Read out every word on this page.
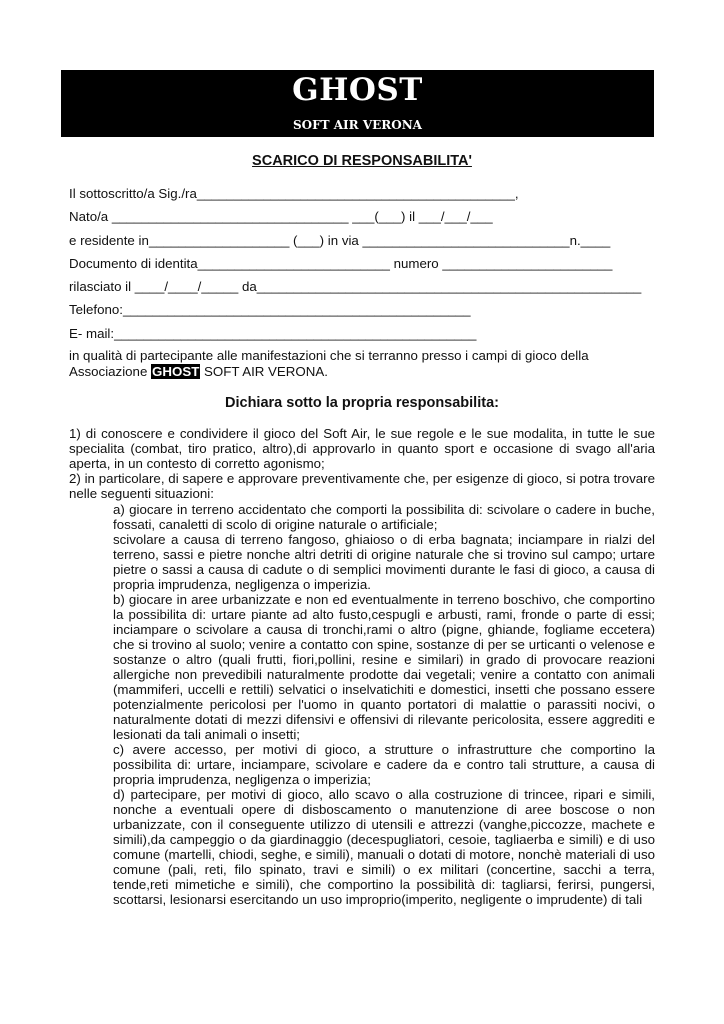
GHOST
SOFT AIR VERONA
SCARICO DI RESPONSABILITA'
Il sottoscritto/a Sig./ra___________________________________________,
Nato/a ________________________________ ___(___) il ___/___/___
e residente in___________________ (___) in via ____________________________n.____
Documento di identita__________________________ numero _______________________
rilasciato il ____/____/_____ da____________________________________________________
Telefono:_______________________________________________
E- mail:_________________________________________________
in qualità di partecipante alle manifestazioni che si terranno presso i campi di gioco della
Associazione GHOST SOFT AIR VERONA.
Dichiara sotto la propria responsabilita:

1) di conoscere e condividere il gioco del Soft Air, le sue regole e le sue modalita, in tutte le sue specialita (combat, tiro pratico, altro),di approvarlo in quanto sport e occasione di svago all'aria aperta, in un contesto di corretto agonismo;

2) in particolare, di sapere e approvare preventivamente che, per esigenze di gioco, si potra trovare nelle seguenti situazioni:

a) giocare in terreno accidentato che comporti la possibilita di: scivolare o cadere in buche, fossati, canaletti di scolo di origine naturale o artificiale;

scivolare a causa di terreno fangoso, ghiaioso o di erba bagnata; inciampare in rialzi del terreno, sassi e pietre nonche altri detriti di origine naturale che si trovino sul campo; urtare pietre o sassi a causa di cadute o di semplici movimenti durante le fasi di gioco, a causa di propria imprudenza, negligenza o imperizia.

b) giocare in aree urbanizzate e non ed eventualmente in terreno boschivo, che comportino la possibilita di: urtare piante ad alto fusto,cespugli e arbusti, rami, fronde o parte di essi; inciampare o scivolare a causa di tronchi,rami o altro (pigne, ghiande, fogliame eccetera) che si trovino al suolo; venire a contatto con spine, sostanze di per se urticanti o velenose e sostanze o altro (quali frutti, fiori,pollini, resine e similari) in grado di provocare reazioni allergiche non prevedibili naturalmente prodotte dai vegetali; venire a contatto con animali (mammiferi, uccelli e rettili) selvatici o inselvatichiti e domestici, insetti che possano essere potenzialmente pericolosi per l'uomo in quanto portatori di malattie o parassiti nocivi, o naturalmente dotati di mezzi difensivi e offensivi di rilevante pericolosita, essere aggrediti e lesionati da tali animali o insetti;

c) avere accesso, per motivi di gioco, a strutture o infrastrutture che comportino la possibilita di: urtare, inciampare, scivolare e cadere da e contro tali strutture, a causa di propria imprudenza, negligenza o imperizia;

d) partecipare, per motivi di gioco, allo scavo o alla costruzione di trincee, ripari e simili, nonche a eventuali opere di disboscamento o manutenzione di aree boscose o non urbanizzate, con il conseguente utilizzo di utensili e attrezzi (vanghe,piccozze, machete e simili),da campeggio o da giardinaggio (decespugliatori, cesoie, tagliaerba e simili) e di uso comune (martelli, chiodi, seghe, e simili), manuali o dotati di motore, nonchè materiali di uso comune (pali, reti, filo spinato, travi e simili) o ex militari (concertine, sacchi a terra, tende,reti mimetiche e simili), che comportino la possibilità di: tagliarsi, ferirsi, pungersi, scottarsi, lesionarsi esercitando un uso improprio(imperito, negligente o imprudente) di tali
